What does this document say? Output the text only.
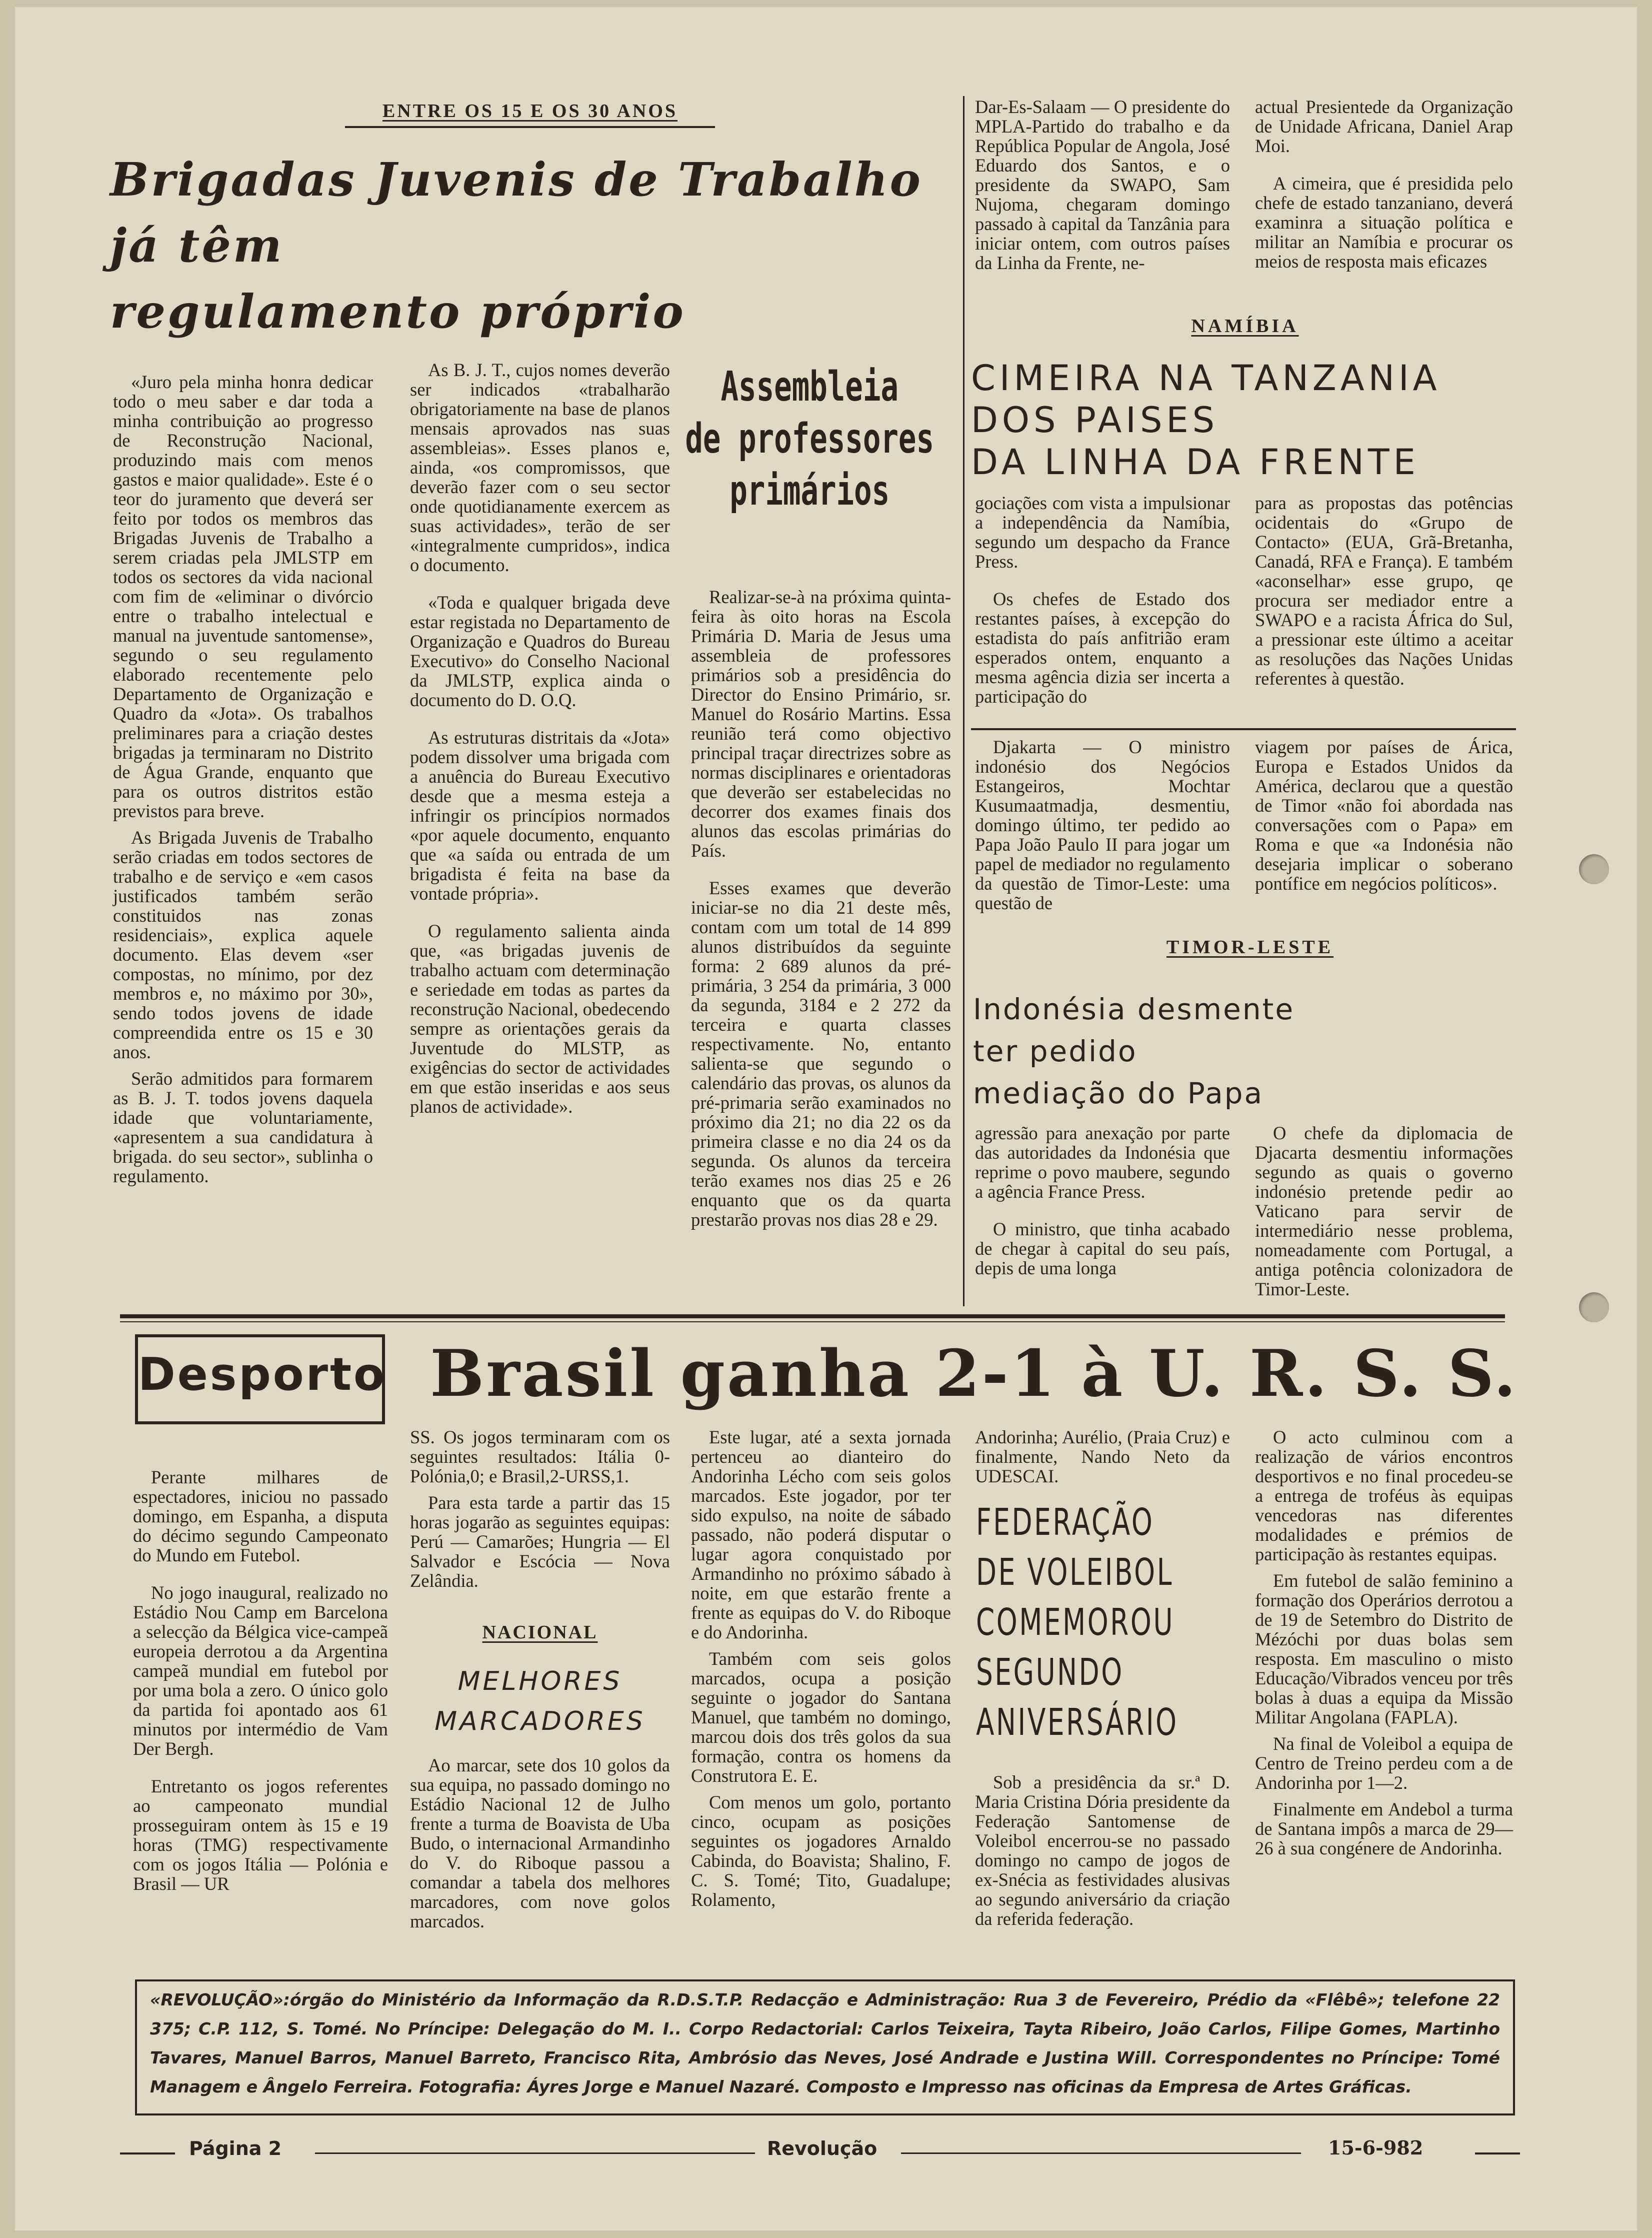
ENTRE OS 15 E OS 30 ANOS
Brigadas Juvenis de Trabalho
já têm
regulamento próprio

«Juro pela minha honra dedicar todo o meu saber e dar toda a minha contribuição ao progresso de Reconstrução Nacional, produzindo mais com menos gastos e maior qualidade». Este é o teor do juramento que deverá ser feito por todos os membros das Brigadas Juvenis de Trabalho a serem criadas pela JMLSTP em todos os sectores da vida nacional com fim de «eliminar o divórcio entre o trabalho intelectual e manual na juventude santomense», segundo o seu regulamento elaborado recentemente pelo Departamento de Organização e Quadro da «Jota». Os trabalhos preliminares para a criação destes brigadas ja terminaram no Distrito de Água Grande, enquanto que para os outros distritos estão previstos para breve.

As Brigada Juvenis de Trabalho serão criadas em todos sectores de trabalho e de serviço e «em casos justificados também serão constituidos nas zonas residenciais», explica aquele documento. Elas devem «ser compostas, no mínimo, por dez membros e, no máximo por 30», sendo todos jovens de idade compreendida entre os 15 e 30 anos.

Serão admitidos para formarem as B. J. T. todos jovens daquela idade que voluntariamente, «apresentem a sua candidatura à brigada. do seu sector», sublinha o regulamento.

As B. J. T., cujos nomes deverão ser indicados «trabalharão obrigatoriamente na base de planos mensais aprovados nas suas assembleias». Esses planos e, ainda, «os compromissos, que deverão fazer com o seu sector onde quotidianamente exercem as suas actividades», terão de ser «integralmente cumpridos», indica o documento.

«Toda e qualquer brigada deve estar registada no Departamento de Organização e Quadros do Bureau Executivo» do Conselho Nacional da JMLSTP, explica ainda o documento do D. O.Q.

As estruturas distritais da «Jota» podem dissolver uma brigada com a anuência do Bureau Executivo desde que a mesma esteja a infringir os princípios normados «por aquele documento, enquanto que «a saída ou entrada de um brigadista é feita na base da vontade própria».

O regulamento salienta ainda que, «as brigadas juvenis de trabalho actuam com determinação e seriedade em todas as partes da reconstrução Nacional, obedecendo sempre as orientações gerais da Juventude do MLSTP, as exigências do sector de actividades em que estão inseridas e aos seus planos de actividade».

Assembleia
de professores
primários

Realizar-se-à na próxima quinta-feira às oito horas na Escola Primária D. Maria de Jesus uma assembleia de professores primários sob a presidência do Director do Ensino Primário, sr. Manuel do Rosário Martins. Essa reunião terá como objectivo principal traçar directrizes sobre as normas disciplinares e orientadoras que deverão ser estabelecidas no decorrer dos exames finais dos alunos das escolas primárias do País.

Esses exames que deverão iniciar-se no dia 21 deste mês, contam com um total de 14 899 alunos distribuídos da seguinte forma: 2 689 alunos da pré-primária, 3 254 da primária, 3 000 da segunda, 3184 e 2 272 da terceira e quarta classes respectivamente. No, entanto salienta-se que segundo o calendário das provas, os alunos da pré-primaria serão examinados no próximo dia 21; no dia 22 os da primeira classe e no dia 24 os da segunda. Os alunos da terceira terão exames nos dias 25 e 26 enquanto que os da quarta prestarão provas nos dias 28 e 29.

Dar-Es-Salaam — O presidente do MPLA-Partido do trabalho e da República Popular de Angola, José Eduardo dos Santos, e o presidente da SWAPO, Sam Nujoma, chegaram domingo passado à capital da Tanzânia para iniciar ontem, com outros países da Linha da Frente, ne-

actual Presientede da Organização de Unidade Africana, Daniel Arap Moi.

A cimeira, que é presidida pelo chefe de estado tanzaniano, deverá examinra a situação política e militar an Namíbia e procurar os meios de resposta mais eficazes

NAMÍBIA
CIMEIRA NA TANZANIA
DOS PAISES
DA LINHA DA FRENTE

gociações com vista a impulsionar a independência da Namíbia, segundo um despacho da France Press.

Os chefes de Estado dos restantes países, à excepção do estadista do país anfitrião eram esperados ontem, enquanto a mesma agência dizia ser incerta a participação do

para as propostas das potências ocidentais do «Grupo de Contacto» (EUA, Grã-Bretanha, Canadá, RFA e França). E também «aconselhar» esse grupo, qe procura ser mediador entre a SWAPO e a racista África do Sul, a pressionar este último a aceitar as resoluções das Nações Unidas referentes à questão.

Djakarta — O ministro indonésio dos Negócios Estangeiros, Mochtar Kusumaatmadja, desmentiu, domingo último, ter pedido ao Papa João Paulo II para jogar um papel de mediador no regulamento da questão de Timor-Leste: uma questão de

viagem por países de Árica, Europa e Estados Unidos da América, declarou que a questão de Timor «não foi abordada nas conversações com o Papa» em Roma e que «a Indonésia não desejaria implicar o soberano pontífice em negócios políticos».

TIMOR-LESTE
Indonésia desmente
ter pedido
mediação do Papa

agressão para anexação por parte das autoridades da Indonésia que reprime o povo maubere, segundo a agência France Press.

O ministro, que tinha acabado de chegar à capital do seu país, depis de uma longa

O chefe da diplomacia de Djacarta desmentiu informações segundo as quais o governo indonésio pretende pedir ao Vaticano para servir de intermediário nesse problema, nomeadamente com Portugal, a antiga potência colonizadora de Timor-Leste.

Desporto Brasil ganha 2-1 à U. R. S. S.

Perante milhares de espectadores, iniciou no passado domingo, em Espanha, a disputa do décimo segundo Campeonato do Mundo em Futebol.

No jogo inaugural, realizado no Estádio Nou Camp em Barcelona a selecção da Bélgica vice-campeã europeia derrotou a da Argentina campeã mundial em futebol por por uma bola a zero. O único golo da partida foi apontado aos 61 minutos por intermédio de Vam Der Bergh.

Entretanto os jogos referentes ao campeonato mundial prosseguiram ontem às 15 e 19 horas (TMG) respectivamente com os jogos Itália — Polónia e Brasil — UR

SS. Os jogos terminaram com os seguintes resultados: Itália 0-Polónia,0; e Brasil,2-URSS,1.

Para esta tarde a partir das 15 horas jogarão as seguintes equipas: Perú — Camarões; Hungria — El Salvador e Escócia — Nova Zelândia.

NACIONAL
MELHORES
MARCADORES

Ao marcar, sete dos 10 golos da sua equipa, no passado domingo no Estádio Nacional 12 de Julho frente a turma de Boavista de Uba Budo, o internacional Armandinho do V. do Riboque passou a comandar a tabela dos melhores marcadores, com nove golos marcados.

Este lugar, até a sexta jornada pertenceu ao dianteiro do Andorinha Lécho com seis golos marcados. Este jogador, por ter sido expulso, na noite de sábado passado, não poderá disputar o lugar agora conquistado por Armandinho no próximo sábado à noite, em que estarão frente a frente as equipas do V. do Riboque e do Andorinha.

Também com seis golos marcados, ocupa a posição seguinte o jogador do Santana Manuel, que também no domingo, marcou dois dos três golos da sua formação, contra os homens da Construtora E. E.

Com menos um golo, portanto cinco, ocupam as posições seguintes os jogadores Arnaldo Cabinda, do Boavista; Shalino, F. C. S. Tomé; Tito, Guadalupe; Rolamento,

Andorinha; Aurélio, (Praia Cruz) e finalmente, Nando Neto da UDESCAI.

FEDERAÇÃO
DE VOLEIBOL
COMEMOROU
SEGUNDO
ANIVERSÁRIO

Sob a presidência da sr.ª D. Maria Cristina Dória presidente da Federação Santomense de Voleibol encerrou-se no passado domingo no campo de jogos de ex-Snécia as festividades alusivas ao segundo aniversário da criação da referida federação.

O acto culminou com a realização de vários encontros desportivos e no final procedeu-se a entrega de troféus às equipas vencedoras nas diferentes modalidades e prémios de participação às restantes equipas.

Em futebol de salão feminino a formação dos Operários derrotou a de 19 de Setembro do Distrito de Mézóchi por duas bolas sem resposta. Em masculino o misto Educação/Vibrados venceu por três bolas à duas a equipa da Missão Militar Angolana (FAPLA).

Na final de Voleibol a equipa de Centro de Treino perdeu com a de Andorinha por 1—2.

Finalmente em Andebol a turma de Santana impôs a marca de 29—26 à sua congénere de Andorinha.

«REVOLUÇÃO»:órgão do Ministério da Informação da R.D.S.T.P. Redacção e Administração: Rua 3 de Fevereiro, Prédio da «Flêbê»; telefone 22 375; C.P. 112, S. Tomé. No Príncipe: Delegação do M. I.. Corpo Redactorial: Carlos Teixeira, Tayta Ribeiro, João Carlos, Filipe Gomes, Martinho Tavares, Manuel Barros, Manuel Barreto, Francisco Rita, Ambrósio das Neves, José Andrade e Justina Will. Correspondentes no Príncipe: Tomé Managem e Ângelo Ferreira. Fotografia: Áyres Jorge e Manuel Nazaré. Composto e Impresso nas oficinas da Empresa de Artes Gráficas.
Página 2	Revolução	15-6-982
